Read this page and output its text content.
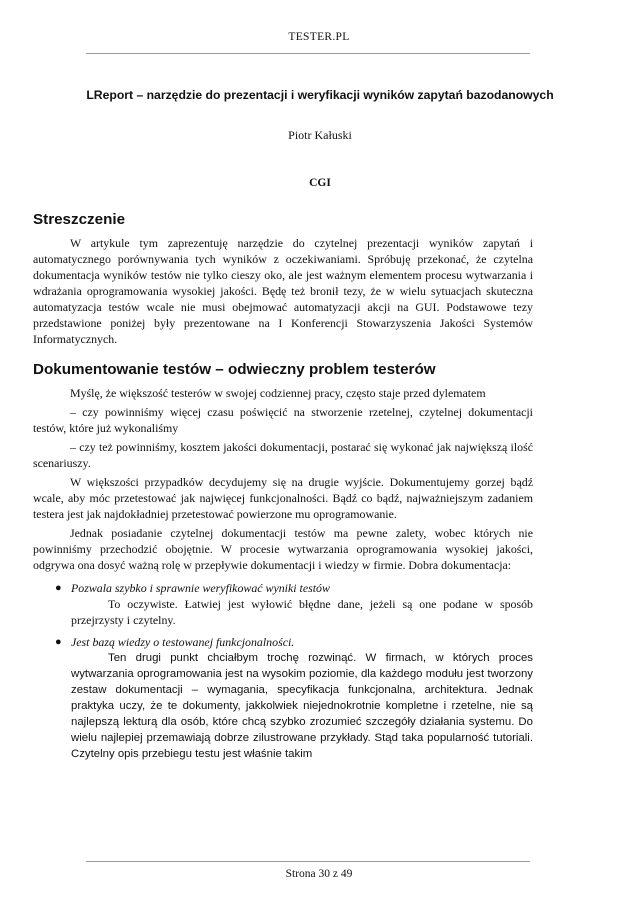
TESTER.PL
LReport – narzędzie do prezentacji i weryfikacji wyników zapytań bazodanowych
Piotr Kałuski
CGI
Streszczenie

W artykule tym zaprezentuję narzędzie do czytelnej prezentacji wyników zapytań i automatycznego porównywania tych wyników z oczekiwaniami. Spróbuję przekonać, że czytelna dokumentacja wyników testów nie tylko cieszy oko, ale jest ważnym elementem procesu wytwarzania i wdrażania oprogramowania wysokiej jakości. Będę też bronił tezy, że w wielu sytuacjach skuteczna automatyzacja testów wcale nie musi obejmować automatyzacji akcji na GUI. Podstawowe tezy przedstawione poniżej były prezentowane na I Konferencji Stowarzyszenia Jakości Systemów Informatycznych.

Dokumentowanie testów – odwieczny problem testerów

Myślę, że większość testerów w swojej codziennej pracy, często staje przed dylematem

– czy powinniśmy więcej czasu poświęcić na stworzenie rzetelnej, czytelnej dokumentacji testów, które już wykonaliśmy

– czy też powinniśmy, kosztem jakości dokumentacji, postarać się wykonać jak największą ilość scenariuszy.

W większości przypadków decydujemy się na drugie wyjście. Dokumentujemy gorzej bądź wcale, aby móc przetestować jak najwięcej funkcjonalności. Bądź co bądź, najważniejszym zadaniem testera jest jak najdokładniej przetestować powierzone mu oprogramowanie.

Jednak posiadanie czytelnej dokumentacji testów ma pewne zalety, wobec których nie powinniśmy przechodzić obojętnie. W procesie wytwarzania oprogramowania wysokiej jakości, odgrywa ona dosyć ważną rolę w przepływie dokumentacji i wiedzy w firmie. Dobra dokumentacja:

● Pozwala szybko i sprawnie weryfikować wyniki testów
To oczywiste. Łatwiej jest wyłowić błędne dane, jeżeli są one podane w sposób przejrzysty i czytelny.
● Jest bazą wiedzy o testowanej funkcjonalności.
Ten drugi punkt chciałbym trochę rozwinąć. W firmach, w których proces wytwarzania oprogramowania jest na wysokim poziomie, dla każdego modułu jest tworzony zestaw dokumentacji – wymagania, specyfikacja funkcjonalna, architektura. Jednak praktyka uczy, że te dokumenty, jakkolwiek niejednokrotnie kompletne i rzetelne, nie są najlepszą lekturą dla osób, które chcą szybko zrozumieć szczegóły działania systemu. Do wielu najlepiej przemawiają dobrze zilustrowane przykłady. Stąd taka popularność tutoriali. Czytelny opis przebiegu testu jest właśnie takim
Strona 30 z 49
